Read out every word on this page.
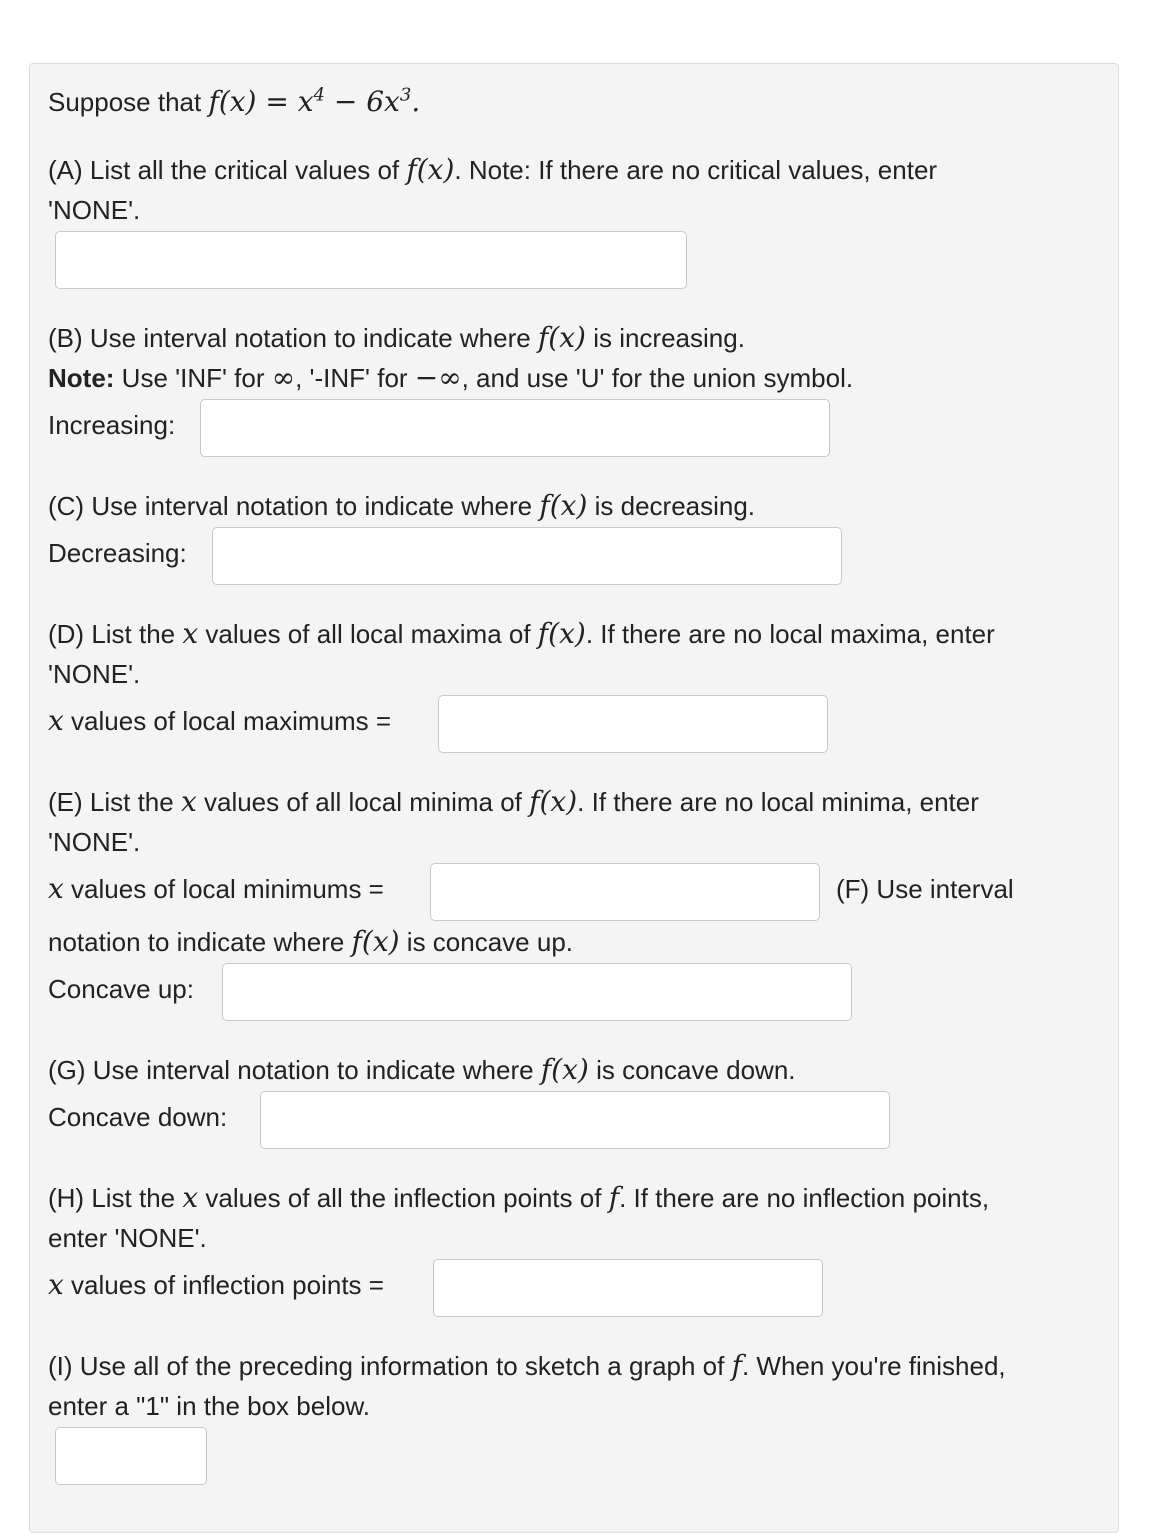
Suppose that $f(x) = x^4 - 6x^3$.
(A) List all the critical values of f(x). Note: If there are no critical values, enter
'NONE'.
(B) Use interval notation to indicate where f(x) is increasing.
Note: Use 'INF' for ∞, '-INF' for −∞, and use 'U' for the union symbol.
Increasing:
(C) Use interval notation to indicate where f(x) is decreasing.
Decreasing:
(D) List the x values of all local maxima of f(x). If there are no local maxima, enter
'NONE'.
x values of local maximums =
(E) List the x values of all local minima of f(x). If there are no local minima, enter
'NONE'.
x values of local minimums =	(F) Use interval
notation to indicate where f(x) is concave up.
Concave up:
(G) Use interval notation to indicate where f(x) is concave down.
Concave down:
(H) List the x values of all the inflection points of f. If there are no inflection points,
enter 'NONE'.
x values of inflection points =
(I) Use all of the preceding information to sketch a graph of f. When you're finished,
enter a "1" in the box below.
